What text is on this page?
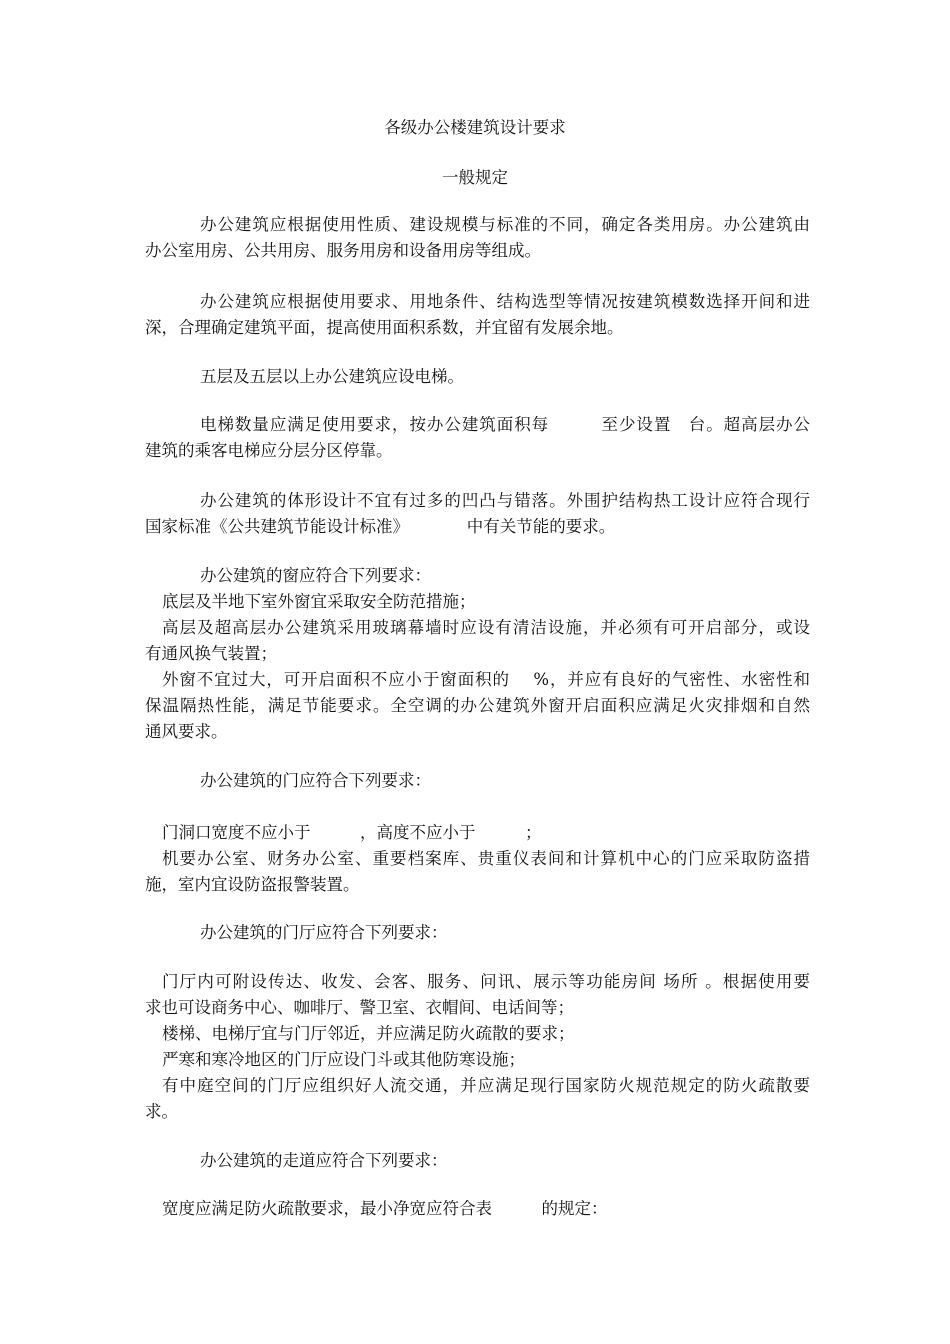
各级办公楼建筑设计要求

一般规定

办公建筑应根据使用性质、建设规模与标准的不同，确定各类用房。办公建筑由

办公室用房、公共用房、服务用房和设备用房等组成。

办公建筑应根据使用要求、用地条件、结构选型等情况按建筑模数选择开间和进

深，合理确定建筑平面，提高使用面积系数，并宜留有发展余地。

五层及五层以上办公建筑应设电梯。

电梯数量应满足使用要求，按办公建筑面积每　　　至少设置　台。超高层办公

建筑的乘客电梯应分层分区停靠。

办公建筑的体形设计不宜有过多的凹凸与错落。外围护结构热工设计应符合现行

国家标准《公共建筑节能设计标准》　　　　中有关节能的要求。

办公建筑的窗应符合下列要求：

底层及半地下室外窗宜采取安全防范措施；

高层及超高层办公建筑采用玻璃幕墙时应设有清洁设施，并必须有可开启部分，或设

有通风换气装置；

外窗不宜过大，可开启面积不应小于窗面积的　 %，并应有良好的气密性、水密性和

保温隔热性能，满足节能要求。全空调的办公建筑外窗开启面积应满足火灾排烟和自然

通风要求。

办公建筑的门应符合下列要求：

门洞口宽度不应小于　　　，高度不应小于　　　；

机要办公室、财务办公室、重要档案库、贵重仪表间和计算机中心的门应采取防盗措

施，室内宜设防盗报警装置。

办公建筑的门厅应符合下列要求：

门厅内可附设传达、收发、会客、服务、问讯、展示等功能房间 场所 。根据使用要

求也可设商务中心、咖啡厅、警卫室、衣帽间、电话间等；

楼梯、电梯厅宜与门厅邻近，并应满足防火疏散的要求；

严寒和寒冷地区的门厅应设门斗或其他防寒设施；

有中庭空间的门厅应组织好人流交通，并应满足现行国家防火规范规定的防火疏散要

求。

办公建筑的走道应符合下列要求：

宽度应满足防火疏散要求，最小净宽应符合表　　　的规定：
